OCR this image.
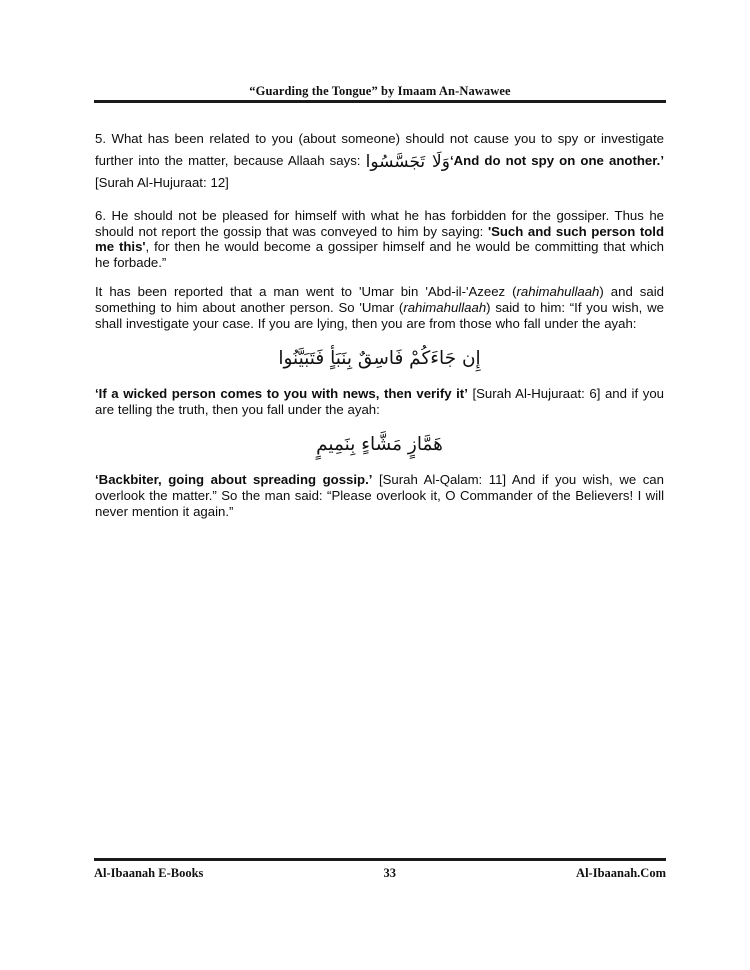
“Guarding the Tongue” by Imaam An-Nawawee

5. What has been related to you (about someone) should not cause you to spy or investigate further into the matter, because Allaah says: وَلَا تَجَسَّسُوا‘And do not spy on one another.’ [Surah Al-Hujuraat: 12]

6. He should not be pleased for himself with what he has forbidden for the gossiper. Thus he should not report the gossip that was conveyed to him by saying: 'Such and such person told me this', for then he would become a gossiper himself and he would be committing that which he forbade.”

It has been reported that a man went to 'Umar bin 'Abd-il-'Azeez (rahimahullaah) and said something to him about another person. So 'Umar (rahimahullaah) said to him: “If you wish, we shall investigate your case. If you are lying, then you are from those who fall under the ayah:

إِن جَاءَكُمْ فَاسِقٌ بِنَبَأٍ فَتَبَيَّنُوا

‘If a wicked person comes to you with news, then verify it’ [Surah Al-Hujuraat: 6] and if you are telling the truth, then you fall under the ayah:

هَمَّازٍ مَشَّاءٍ بِنَمِيمٍ

‘Backbiter, going about spreading gossip.’ [Surah Al-Qalam: 11] And if you wish, we can overlook the matter.” So the man said: “Please overlook it, O Commander of the Believers! I will never mention it again.”

Al-Ibaanah E-Books	33	Al-Ibaanah.Com
